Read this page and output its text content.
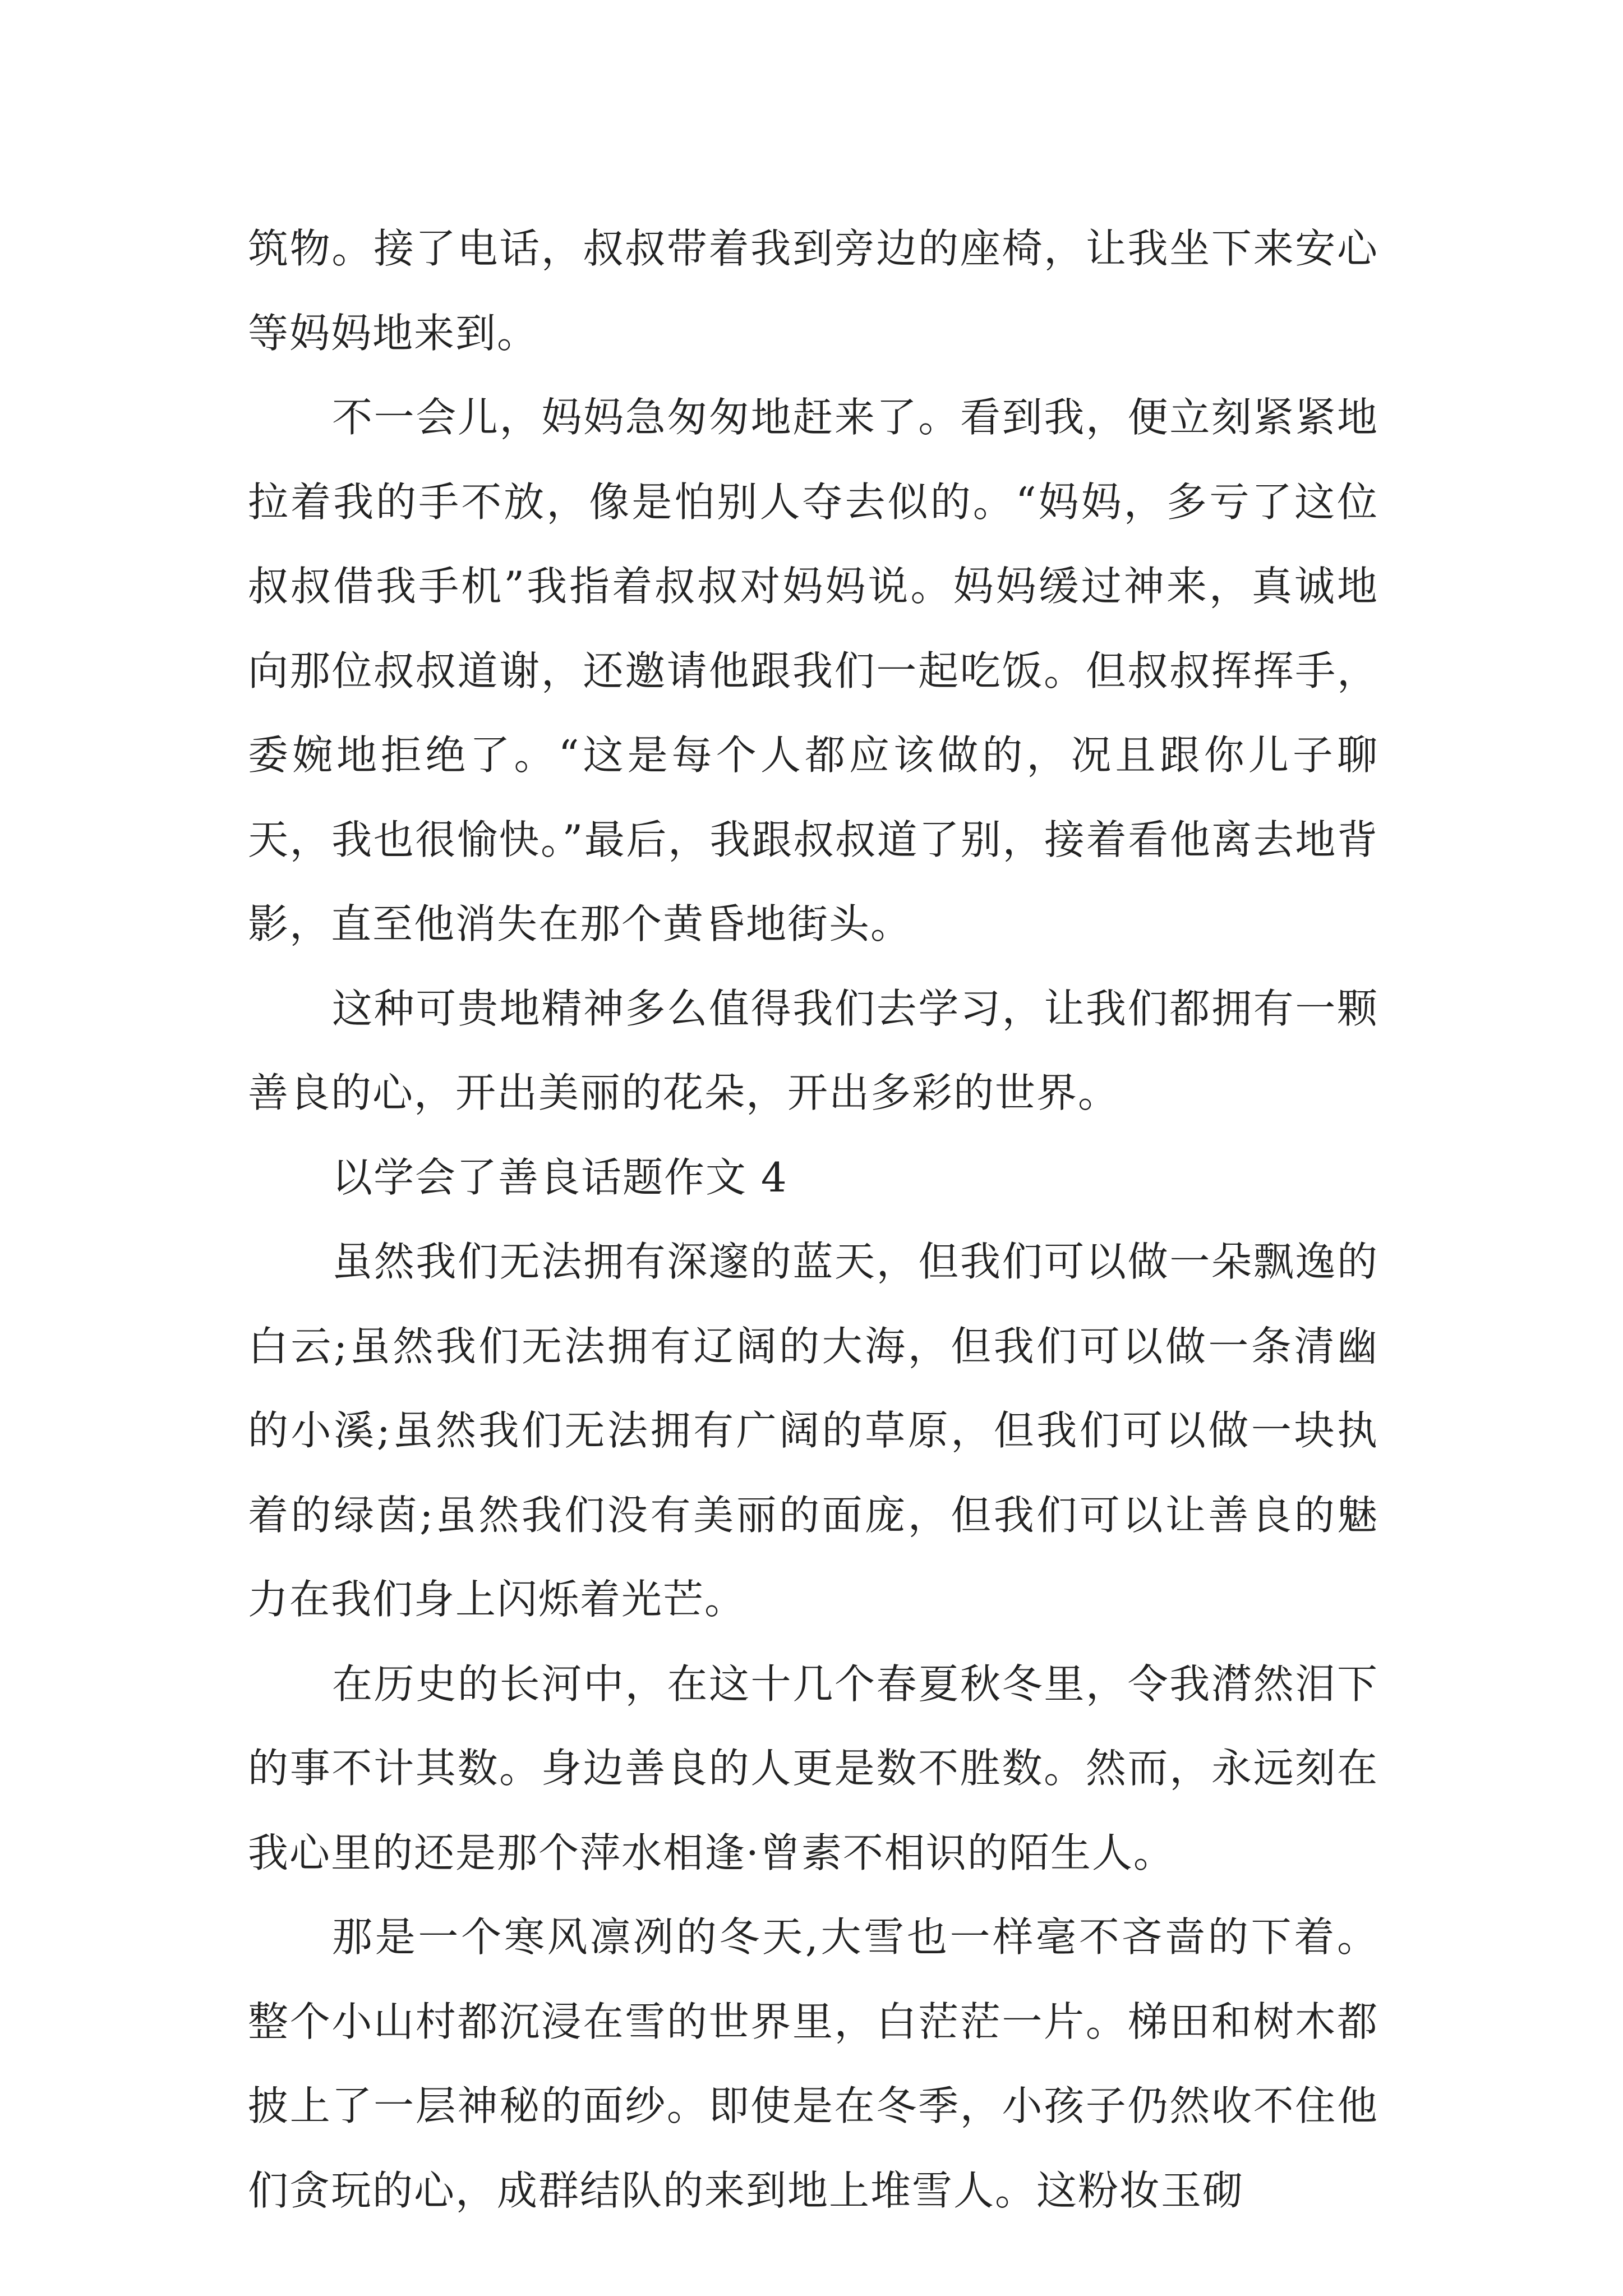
筑物。接了电话，叔叔带着我到旁边的座椅，让我坐下来安心等妈妈地来到。

不一会儿，妈妈急匆匆地赶来了。看到我，便立刻紧紧地拉着我的手不放，像是怕别人夺去似的。“妈妈，多亏了这位叔叔借我手机”我指着叔叔对妈妈说。妈妈缓过神来，真诚地向那位叔叔道谢，还邀请他跟我们一起吃饭。但叔叔挥挥手，委婉地拒绝了。“这是每个人都应该做的，况且跟你儿子聊天，我也很愉快。”最后，我跟叔叔道了别，接着看他离去地背影，直至他消失在那个黄昏地街头。

这种可贵地精神多么值得我们去学习，让我们都拥有一颗善良的心，开出美丽的花朵，开出多彩的世界。

以学会了善良话题作文 4

虽然我们无法拥有深邃的蓝天，但我们可以做一朵飘逸的白云;虽然我们无法拥有辽阔的大海，但我们可以做一条清幽的小溪;虽然我们无法拥有广阔的草原，但我们可以做一块执着的绿茵;虽然我们没有美丽的面庞，但我们可以让善良的魅力在我们身上闪烁着光芒。

在历史的长河中，在这十几个春夏秋冬里，令我潸然泪下的事不计其数。身边善良的人更是数不胜数。然而，永远刻在我心里的还是那个萍水相逢·曾素不相识的陌生人。

那是一个寒风凛冽的冬天,大雪也一样毫不吝啬的下着。整个小山村都沉浸在雪的世界里，白茫茫一片。梯田和树木都披上了一层神秘的面纱。即使是在冬季，小孩子仍然收不住他们贪玩的心，成群结队的来到地上堆雪人。这粉妆玉砌
